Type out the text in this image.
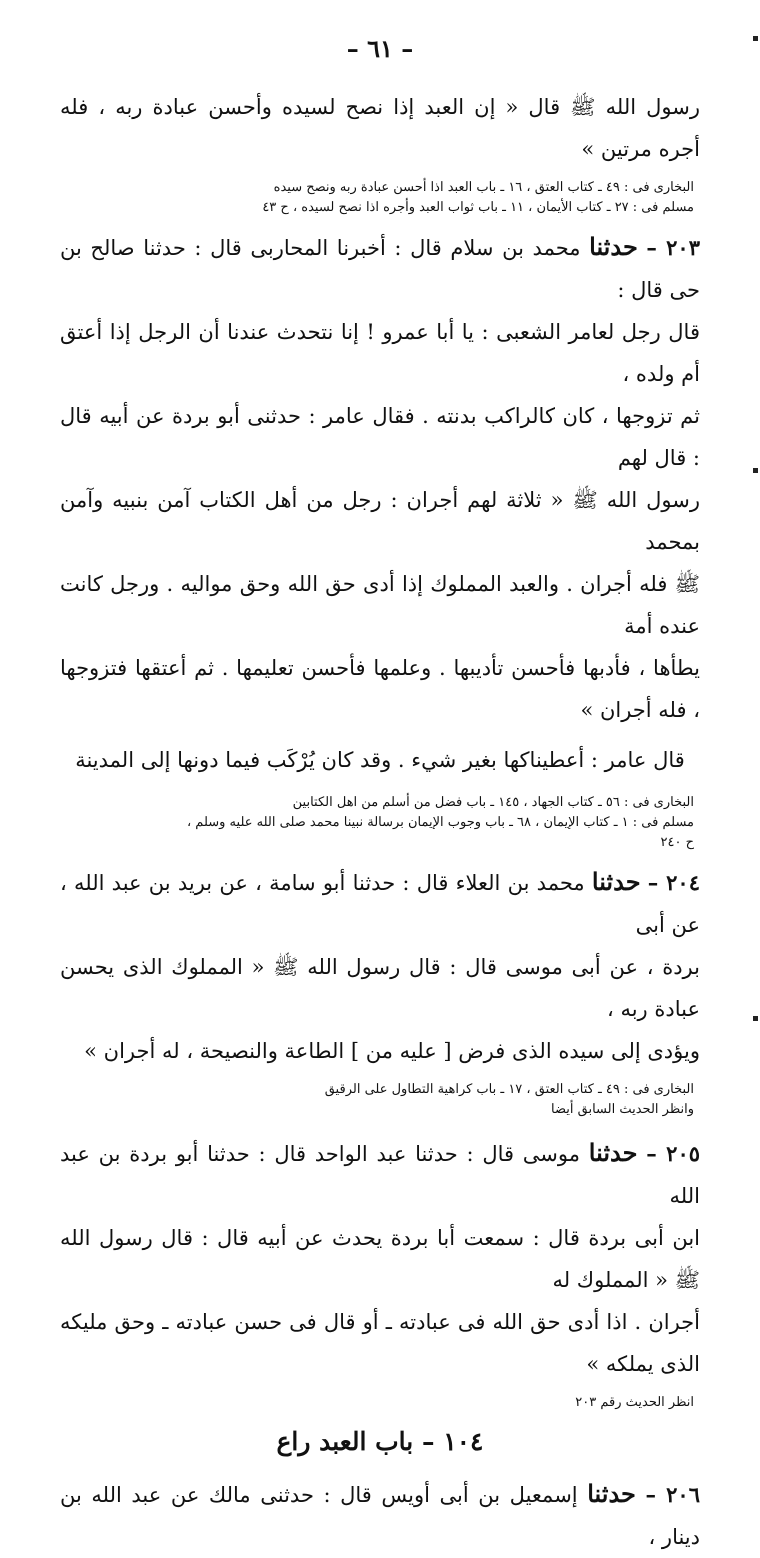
– ٦١ –

رسول الله ﷺ قال « إن العبد إذا نصح لسيده وأحسن عبادة ربه ، فله أجره مرتين »

البخارى فى : ٤٩ ـ كتاب العتق ، ١٦ ـ باب العبد اذا أحسن عبادة ربه ونصح سيده

مسلم فى : ٢٧ ـ كتاب الأيمان ، ١١ ـ باب ثواب العبد وأجره اذا نصح لسيده ، ح ٤٣

٢٠٣ – حدثنا محمد بن سلام قال : أخبرنا المحاربى قال : حدثنا صالح بن حى قال :

قال رجل لعامر الشعبى : يا أبا عمرو ! إنا نتحدث عندنا أن الرجل إذا أعتق أم ولده ،

ثم تزوجها ، كان كالراكب بدنته . فقال عامر : حدثنى أبو بردة عن أبيه قال : قال لهم

رسول الله ﷺ « ثلاثة لهم أجران : رجل من أهل الكتاب آمن بنبيه وآمن بمحمد

ﷺ فله أجران . والعبد المملوك إذا أدى حق الله وحق مواليه . ورجل كانت عنده أمة

يطأها ، فأدبها فأحسن تأديبها . وعلمها فأحسن تعليمها . ثم أعتقها فتزوجها ، فله أجران »

قال عامر : أعطيناكها بغير شيء . وقد كان يُرْكَب فيما دونها إلى المدينة

البخارى فى : ٥٦ ـ كتاب الجهاد ، ١٤٥ ـ باب فضل من أسلم من اهل الكتابين

مسلم فى : ١ ـ كتاب الإيمان ، ٦٨ ـ باب وجوب الإيمان برسالة نبينا محمد صلى الله عليه وسلم ،

ح ٢٤٠

٢٠٤ – حدثنا محمد بن العلاء قال : حدثنا أبو سامة ، عن بريد بن عبد الله ، عن أبى

بردة ، عن أبى موسى قال : قال رسول الله ﷺ « المملوك الذى يحسن عبادة ربه ،

ويؤدى إلى سيده الذى فرض [ عليه من ] الطاعة والنصيحة ، له أجران »

البخارى فى : ٤٩ ـ كتاب العتق ، ١٧ ـ باب كراهية التطاول على الرقيق

وانظر الحديث السابق أيضا

٢٠٥ – حدثنا موسى قال : حدثنا عبد الواحد قال : حدثنا أبو بردة بن عبد الله

ابن أبى بردة قال : سمعت أبا بردة يحدث عن أبيه قال : قال رسول الله ﷺ « المملوك له

أجران . اذا أدى حق الله فى عبادته ـ أو قال فى حسن عبادته ـ وحق مليكه الذى يملكه »

انظر الحديث رقم ٢٠٣

١٠٤ – باب العبد راع

٢٠٦ – حدثنا إسمعيل بن أبى أويس قال : حدثنى مالك عن عبد الله بن دينار ،
